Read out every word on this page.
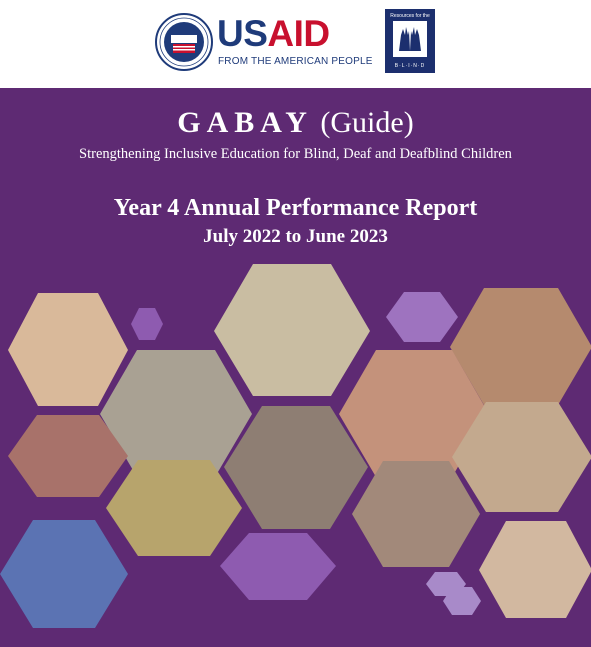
USAID
FROM THE AMERICAN PEOPLE
Resources for the
B·L·I·N·D
GABAY (Guide)
Strengthening Inclusive Education for Blind, Deaf and Deafblind Children
Year 4 Annual Performance Report
July 2022 to June 2023
